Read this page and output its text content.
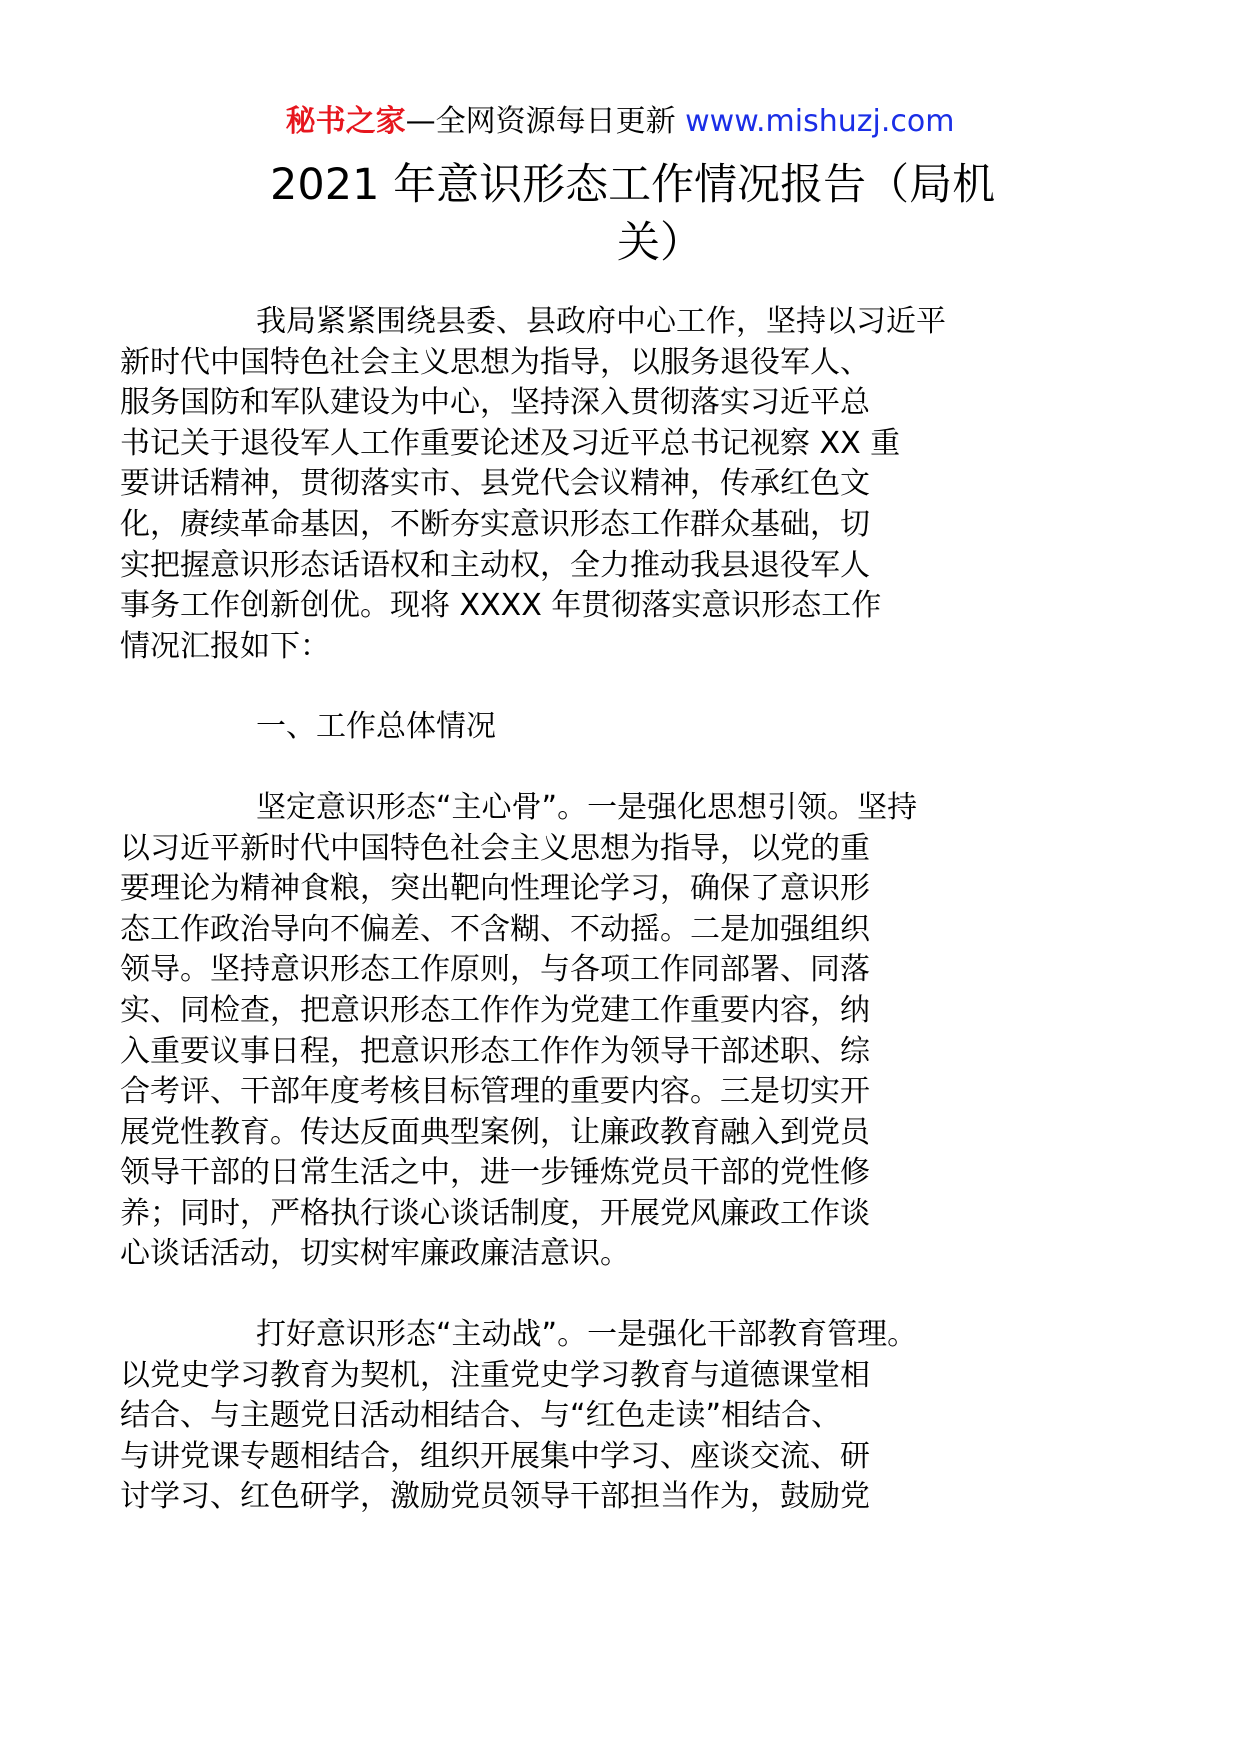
秘书之家—全网资源每日更新 www.mishuzj.com
2021 年意识形态工作情况报告（局机
关）
我局紧紧围绕县委、县政府中心工作，坚持以习近平
新时代中国特色社会主义思想为指导，以服务退役军人、
服务国防和军队建设为中心，坚持深入贯彻落实习近平总
书记关于退役军人工作重要论述及习近平总书记视察 XX 重
要讲话精神，贯彻落实市、县党代会议精神，传承红色文
化，赓续革命基因，不断夯实意识形态工作群众基础，切
实把握意识形态话语权和主动权，全力推动我县退役军人
事务工作创新创优。现将 XXXX 年贯彻落实意识形态工作
情况汇报如下：
一、工作总体情况
坚定意识形态“主心骨”。一是强化思想引领。坚持
以习近平新时代中国特色社会主义思想为指导，以党的重
要理论为精神食粮，突出靶向性理论学习，确保了意识形
态工作政治导向不偏差、不含糊、不动摇。二是加强组织
领导。坚持意识形态工作原则，与各项工作同部署、同落
实、同检查，把意识形态工作作为党建工作重要内容，纳
入重要议事日程，把意识形态工作作为领导干部述职、综
合考评、干部年度考核目标管理的重要内容。三是切实开
展党性教育。传达反面典型案例，让廉政教育融入到党员
领导干部的日常生活之中，进一步锤炼党员干部的党性修
养；同时，严格执行谈心谈话制度，开展党风廉政工作谈
心谈话活动，切实树牢廉政廉洁意识。
打好意识形态“主动战”。一是强化干部教育管理。
以党史学习教育为契机，注重党史学习教育与道德课堂相
结合、与主题党日活动相结合、与“红色走读”相结合、
与讲党课专题相结合，组织开展集中学习、座谈交流、研
讨学习、红色研学，激励党员领导干部担当作为，鼓励党
